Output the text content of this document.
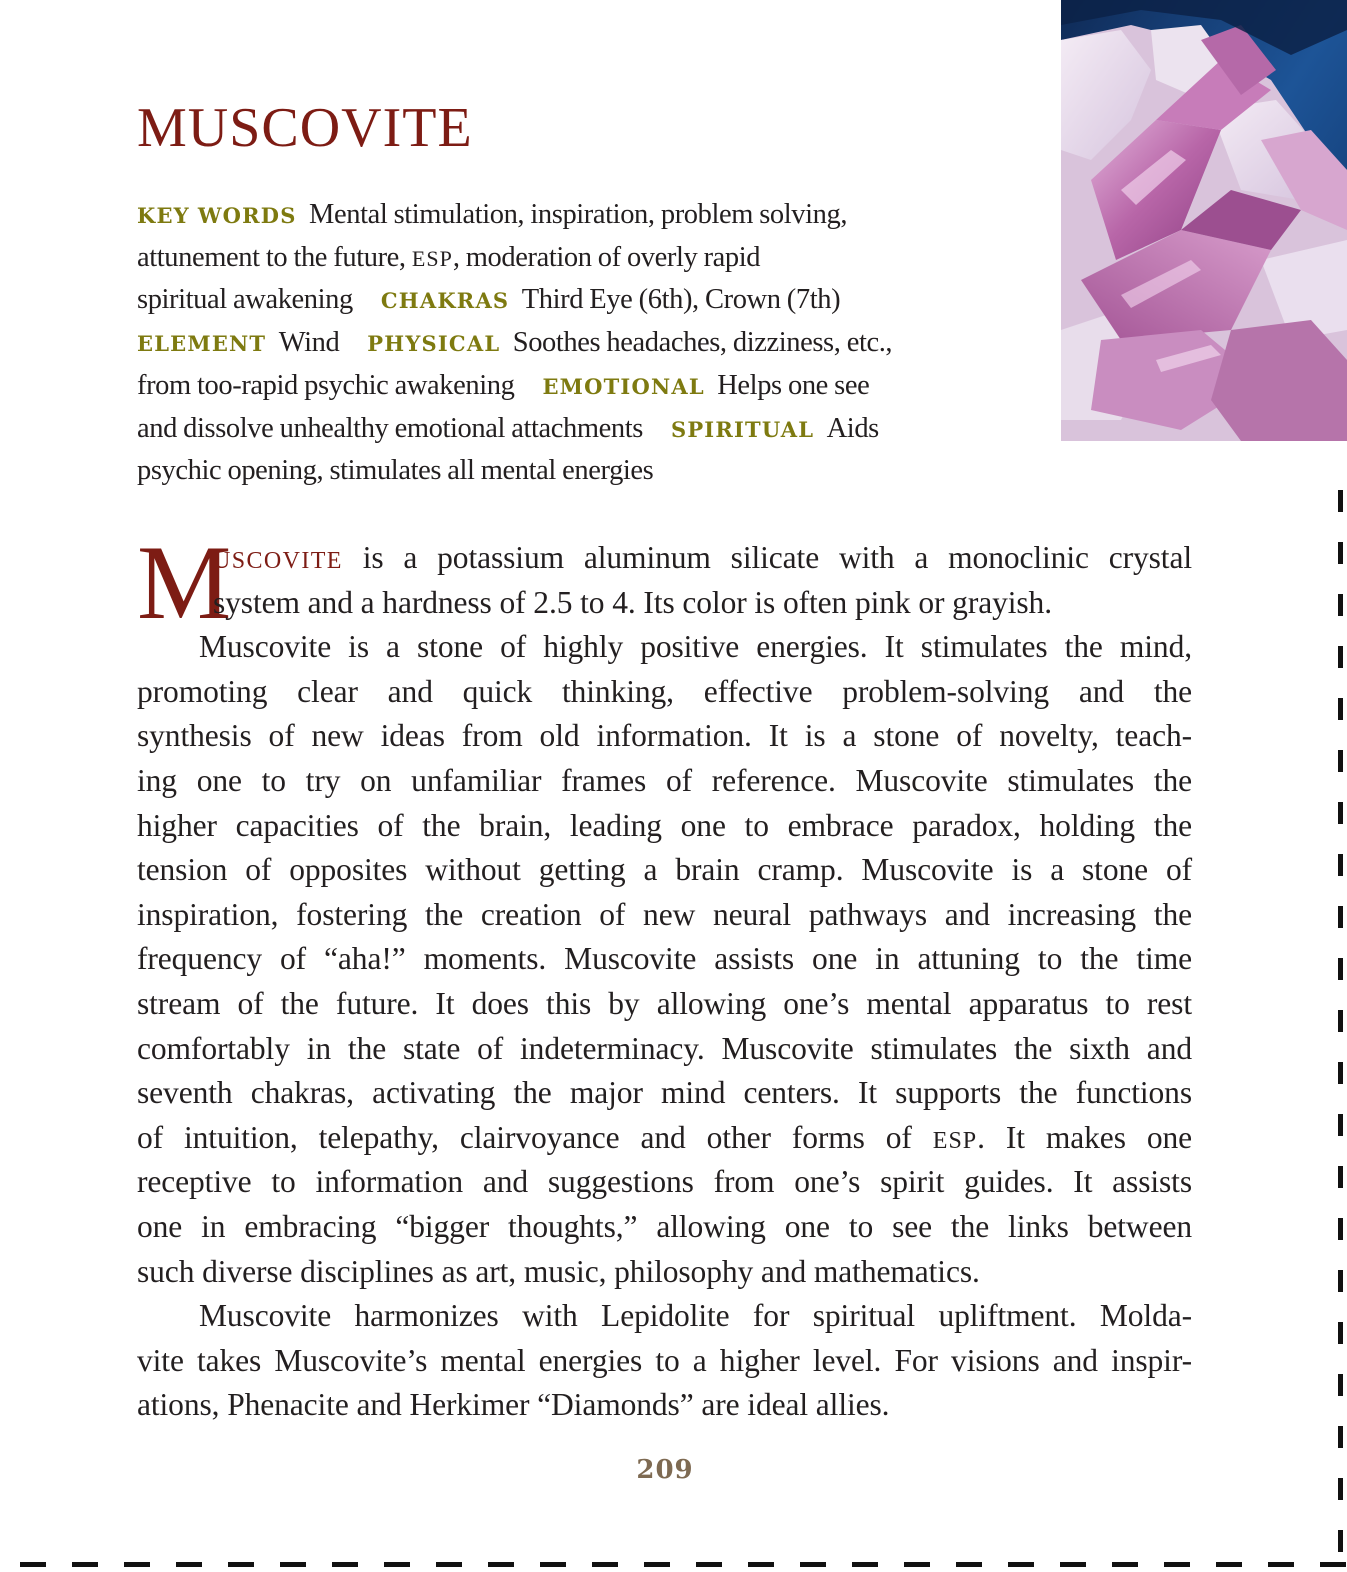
MUSCOVITE
KEY WORDS Mental stimulation, inspiration, problem solving,
attunement to the future, ESP, moderation of overly rapid
spiritual awakening CHAKRAS Third Eye (6th), Crown (7th)
ELEMENT Wind PHYSICAL Soothes headaches, dizziness, etc.,
from too-rapid psychic awakening EMOTIONAL Helps one see
and dissolve unhealthy emotional attachments SPIRITUAL Aids
psychic opening, stimulates all mental energies
M
USCOVITE is a potassium aluminum silicate with a monoclinic crystal
system and a hardness of 2.5 to 4. Its color is often pink or grayish.
Muscovite is a stone of highly positive energies. It stimulates the mind,
promoting clear and quick thinking, effective problem-solving and the
synthesis of new ideas from old information. It is a stone of novelty, teach-
ing one to try on unfamiliar frames of reference. Muscovite stimulates the
higher capacities of the brain, leading one to embrace paradox, holding the
tension of opposites without getting a brain cramp. Muscovite is a stone of
inspiration, fostering the creation of new neural pathways and increasing the
frequency of “aha!” moments. Muscovite assists one in attuning to the time
stream of the future. It does this by allowing one’s mental apparatus to rest
comfortably in the state of indeterminacy. Muscovite stimulates the sixth and
seventh chakras, activating the major mind centers. It supports the functions
of intuition, telepathy, clairvoyance and other forms of ESP. It makes one
receptive to information and suggestions from one’s spirit guides. It assists
one in embracing “bigger thoughts,” allowing one to see the links between
such diverse disciplines as art, music, philosophy and mathematics.
Muscovite harmonizes with Lepidolite for spiritual upliftment. Molda-
vite takes Muscovite’s mental energies to a higher level. For visions and inspir-
ations, Phenacite and Herkimer “Diamonds” are ideal allies.
209
